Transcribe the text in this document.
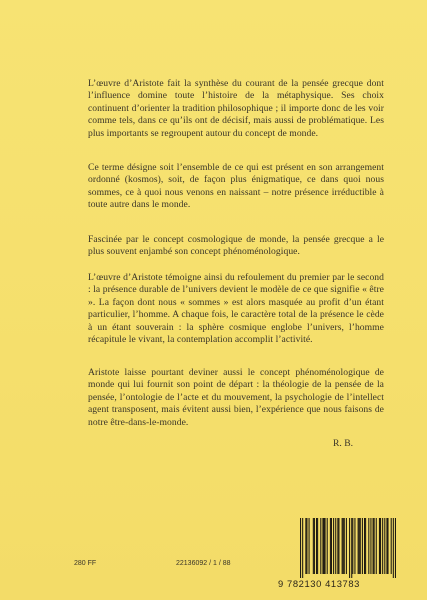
L’œuvre d’Aristote fait la synthèse du courant de la pensée grecque dont l’influence domine toute l’histoire de la métaphysique. Ses choix continuent d’orienter la tradition philosophique ; il importe donc de les voir comme tels, dans ce qu’ils ont de décisif, mais aussi de problématique. Les plus importants se regroupent autour du concept de monde.

Ce terme désigne soit l’ensemble de ce qui est présent en son arrangement ordonné (kosmos), soit, de façon plus énigmatique, ce dans quoi nous sommes, ce à quoi nous venons en naissant – notre présence irréductible à toute autre dans le monde.

Fascinée par le concept cosmologique de monde, la pensée grecque a le plus souvent enjambé son concept phénoménologique.

L’œuvre d’Aristote témoigne ainsi du refoulement du premier par le second : la présence durable de l’univers devient le modèle de ce que signifie « être ». La façon dont nous « sommes » est alors masquée au profit d’un étant particulier, l’homme. A chaque fois, le caractère total de la présence le cède à un étant souverain : la sphère cosmique englobe l’univers, l’homme récapitule le vivant, la contemplation accomplit l’activité.

Aristote laisse pourtant deviner aussi le concept phénoménologique de monde qui lui fournit son point de départ : la théologie de la pensée de la pensée, l’ontologie de l’acte et du mouvement, la psychologie de l’intellect agent transposent, mais évitent aussi bien, l’expérience que nous faisons de notre être-dans-le-monde.

R. B.
280 FF	22136092 / 1 / 88
9 782130 413783
